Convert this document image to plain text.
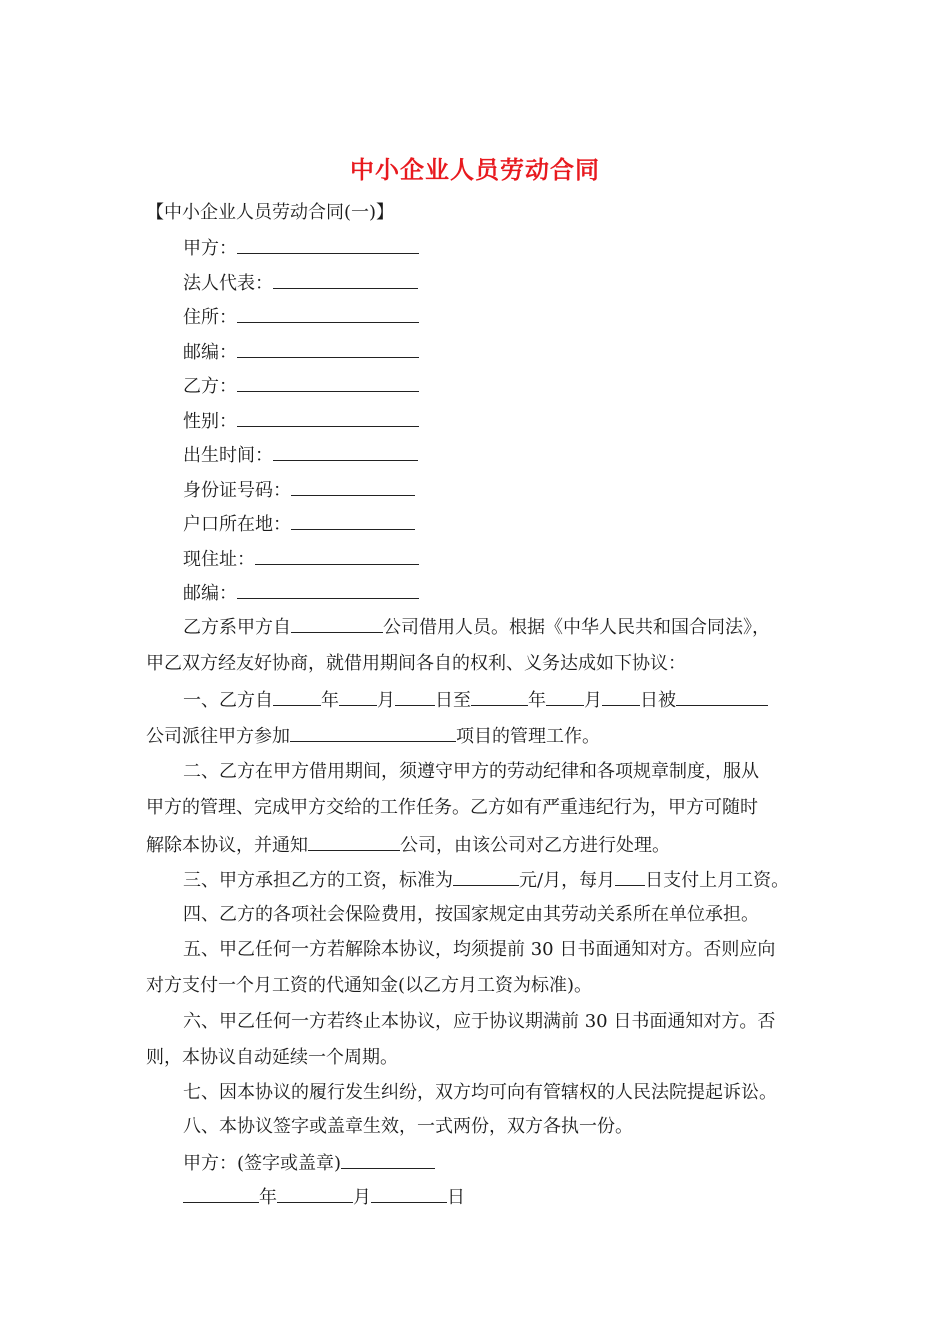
中小企业人员劳动合同
【中小企业人员劳动合同(一)】
甲方：
法人代表：
住所：
邮编：
乙方：
性别：
出生时间：
身份证号码：
户口所在地：
现住址：
邮编：
乙方系甲方自	公司借用人员。根据《中华人民共和国合同法》，
甲乙双方经友好协商，就借用期间各自的权利、义务达成如下协议：
一、乙方自	年 月 日至	年 月 日被
公司派往甲方参加	项目的管理工作。
二、乙方在甲方借用期间，须遵守甲方的劳动纪律和各项规章制度，服从
甲方的管理、完成甲方交给的工作任务。乙方如有严重违纪行为，甲方可随时
解除本协议，并通知	公司，由该公司对乙方进行处理。
三、甲方承担乙方的工资，标准为	元/月，每月 日支付上月工资。
四、乙方的各项社会保险费用，按国家规定由其劳动关系所在单位承担。
五、甲乙任何一方若解除本协议，均须提前 30 日书面通知对方。否则应向
对方支付一个月工资的代通知金(以乙方月工资为标准)。
六、甲乙任何一方若终止本协议，应于协议期满前 30 日书面通知对方。否
则，本协议自动延续一个周期。
七、因本协议的履行发生纠纷，双方均可向有管辖权的人民法院提起诉讼。
八、本协议签字或盖章生效，一式两份，双方各执一份。
甲方：(签字或盖章)
年	月	日
